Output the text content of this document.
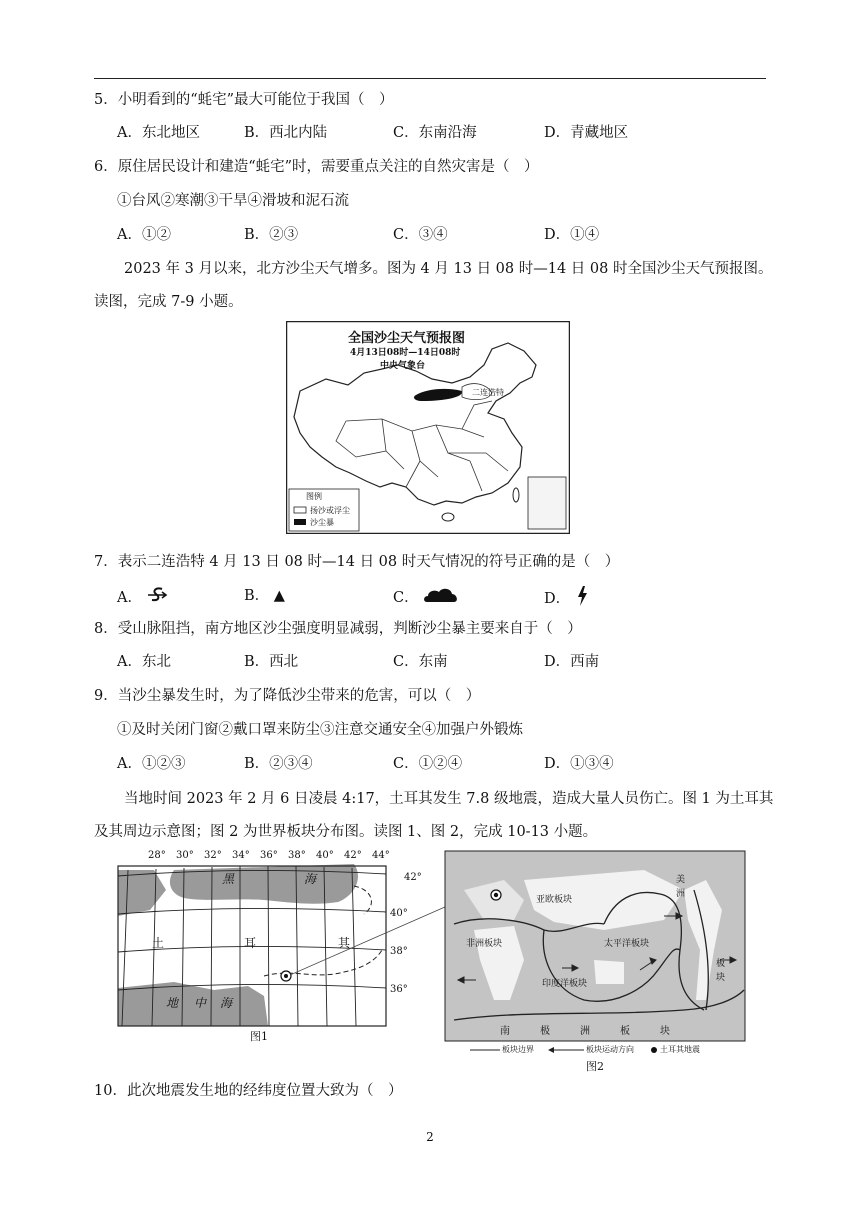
5．小明看到的“蚝宅”最大可能位于我国（　）
A．东北地区	B．西北内陆	C．东南沿海	D．青藏地区
6．原住居民设计和建造“蚝宅”时，需要重点关注的自然灾害是（　）
①台风②寒潮③干旱④滑坡和泥石流
A．①②	B．②③	C．③④	D．①④
2023 年 3 月以来，北方沙尘天气增多。图为 4 月 13 日 08 时—14 日 08 时全国沙尘天气预报图。
读图，完成 7-9 小题。
全国沙尘天气预报图
4月13日08时—14日08时
中央气象台
二连浩特
图例
扬沙或浮尘
沙尘暴
7．表示二连浩特 4 月 13 日 08 时—14 日 08 时天气情况的符号正确的是（　）
A．	B． ▲	C．	D．
8．受山脉阻挡，南方地区沙尘强度明显减弱，判断沙尘暴主要来自于（　）
A．东北	B．西北	C．东南	D．西南
9．当沙尘暴发生时，为了降低沙尘带来的危害，可以（　）
①及时关闭门窗②戴口罩来防尘③注意交通安全④加强户外锻炼
A．①②③	B．②③④	C．①②④	D．①③④
当地时间 2023 年 2 月 6 日凌晨 4:17，土耳其发生 7.8 级地震，造成大量人员伤亡。图 1 为土耳其
及其周边示意图；图 2 为世界板块分布图。读图 1、图 2，完成 10-13 小题。
28° 30° 32° 34° 36° 38° 40° 42° 44°
42°
40°
38°
36°
黑	海
土	耳	其
地 中 海
图1
亚欧板块
非洲板块	太平洋板块
印度洋板块
美
洲
板
块
南	极	洲	板	块
板块边界	板块运动方向	土耳其地震
图2
10．此次地震发生地的经纬度位置大致为（　）
2
